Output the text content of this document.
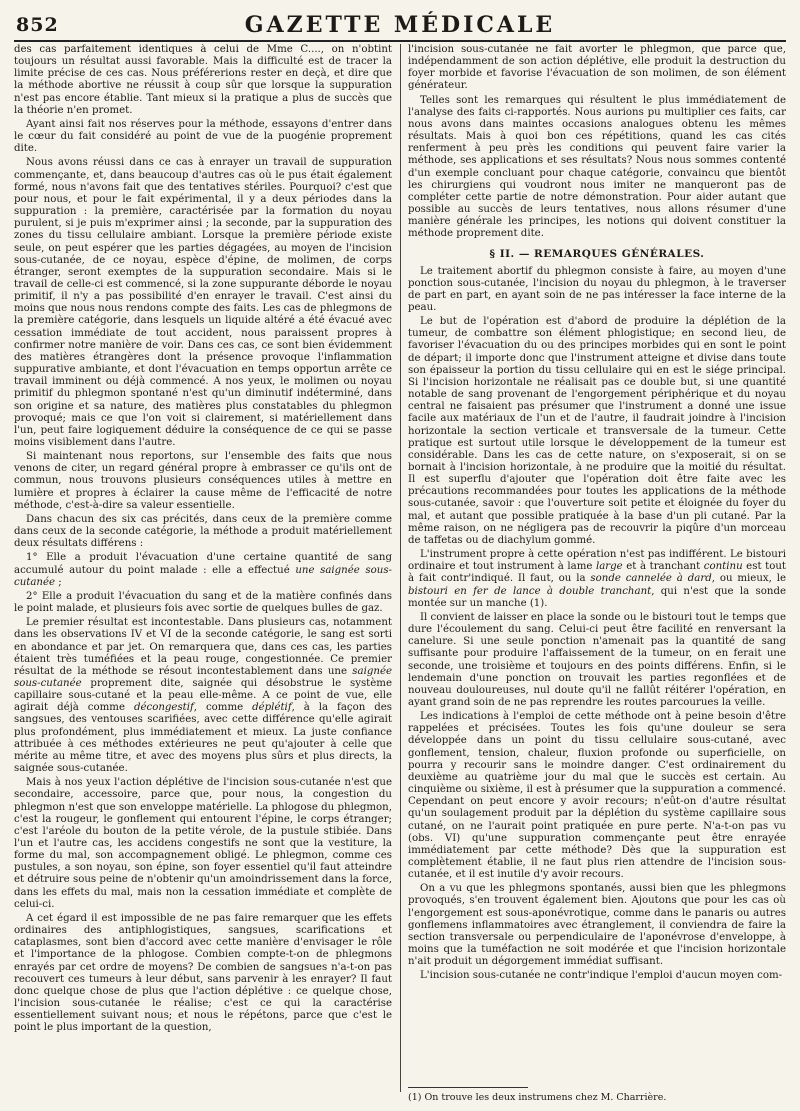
852	GAZETTE MÉDICALE

des cas parfaitement identiques à celui de Mme C...., on n'obtint toujours un résultat aussi favorable. Mais la difficulté est de tracer la limite précise de ces cas. Nous préférerions rester en deçà, et dire que la méthode abortive ne réussit à coup sûr que lorsque la suppuration n'est pas encore établie. Tant mieux si la pratique a plus de succès que la théorie n'en promet.

Ayant ainsi fait nos réserves pour la méthode, essayons d'entrer dans le cœur du fait considéré au point de vue de la puogénie proprement dite.

Nous avons réussi dans ce cas à enrayer un travail de suppuration commençante, et, dans beaucoup d'autres cas où le pus était également formé, nous n'avons fait que des tentatives stériles. Pourquoi? c'est que pour nous, et pour le fait expérimental, il y a deux périodes dans la suppuration : la première, caractérisée par la formation du noyau purulent, si je puis m'exprimer ainsi ; la seconde, par la suppuration des zones du tissu cellulaire ambiant. Lorsque la première période existe seule, on peut espérer que les parties dégagées, au moyen de l'incision sous-cutanée, de ce noyau, espèce d'épine, de molimen, de corps étranger, seront exemptes de la suppuration secondaire. Mais si le travail de celle-ci est commencé, si la zone suppurante déborde le noyau primitif, il n'y a pas possibilité d'en enrayer le travail. C'est ainsi du moins que nous nous rendons compte des faits. Les cas de phlegmons de la première catégorie, dans lesquels un liquide altéré a été évacué avec cessation immédiate de tout accident, nous paraissent propres à confirmer notre manière de voir. Dans ces cas, ce sont bien évidemment des matières étrangères dont la présence provoque l'inflammation suppurative ambiante, et dont l'évacuation en temps opportun arrête ce travail imminent ou déjà commencé. A nos yeux, le molimen ou noyau primitif du phlegmon spontané n'est qu'un diminutif indéterminé, dans son origine et sa nature, des matières plus constatables du phlegmon provoqué; mais ce que l'on voit si clairement, si matériellement dans l'un, peut faire logiquement déduire la conséquence de ce qui se passe moins visiblement dans l'autre.

Si maintenant nous reportons, sur l'ensemble des faits que nous venons de citer, un regard général propre à embrasser ce qu'ils ont de commun, nous trouvons plusieurs conséquences utiles à mettre en lumière et propres à éclairer la cause même de l'efficacité de notre méthode, c'est-à-dire sa valeur essentielle.

Dans chacun des six cas précités, dans ceux de la première comme dans ceux de la seconde catégorie, la méthode a produit matériellement deux résultats différens :

1° Elle a produit l'évacuation d'une certaine quantité de sang accumulé autour du point malade : elle a effectué une saignée sous-cutanée ;

2° Elle a produit l'évacuation du sang et de la matière confinés dans le point malade, et plusieurs fois avec sortie de quelques bulles de gaz.

Le premier résultat est incontestable. Dans plusieurs cas, notamment dans les observations IV et VI de la seconde catégorie, le sang est sorti en abondance et par jet. On remarquera que, dans ces cas, les parties étaient très tuméfiées et la peau rouge, congestionnée. Ce premier résultat de la méthode se résout incontestablement dans une saignée sous-cutanée proprement dite, saignée qui désobstrue le système capillaire sous-cutané et la peau elle-même. A ce point de vue, elle agirait déjà comme décongestif, comme déplétif, à la façon des sangsues, des ventouses scarifiées, avec cette différence qu'elle agirait plus profondément, plus immédiatement et mieux. La juste confiance attribuée à ces méthodes extérieures ne peut qu'ajouter à celle que mérite au même titre, et avec des moyens plus sûrs et plus directs, la saignée sous-cutanée.

Mais à nos yeux l'action déplétive de l'incision sous-cutanée n'est que secondaire, accessoire, parce que, pour nous, la congestion du phlegmon n'est que son enveloppe matérielle. La phlogose du phlegmon, c'est la rougeur, le gonflement qui entourent l'épine, le corps étranger; c'est l'aréole du bouton de la petite vérole, de la pustule stibiée. Dans l'un et l'autre cas, les accidens congestifs ne sont que la vestiture, la forme du mal, son accompagnement obligé. Le phlegmon, comme ces pustules, a son noyau, son épine, son foyer essentiel qu'il faut atteindre et détruire sous peine de n'obtenir qu'un amoindrissement dans la force, dans les effets du mal, mais non la cessation immédiate et complète de celui-ci.

A cet égard il est impossible de ne pas faire remarquer que les effets ordinaires des antiphlogistiques, sangsues, scarifications et cataplasmes, sont bien d'accord avec cette manière d'envisager le rôle et l'importance de la phlogose. Combien compte-t-on de phlegmons enrayés par cet ordre de moyens? De combien de sangsues n'a-t-on pas recouvert ces tumeurs à leur début, sans parvenir à les enrayer? Il faut donc quelque chose de plus que l'action déplétive : ce quelque chose, l'incision sous-cutanée le réalise; c'est ce qui la caractérise essentiellement suivant nous; et nous le répétons, parce que c'est le point le plus important de la question,

l'incision sous-cutanée ne fait avorter le phlegmon, que parce que, indépendamment de son action déplétive, elle produit la destruction du foyer morbide et favorise l'évacuation de son molimen, de son élément générateur.

Telles sont les remarques qui résultent le plus immédiatement de l'analyse des faits ci-rapportés. Nous aurions pu multiplier ces faits, car nous avons dans maintes occasions analogues obtenu les mêmes résultats. Mais à quoi bon ces répétitions, quand les cas cités renferment à peu près les conditions qui peuvent faire varier la méthode, ses applications et ses résultats? Nous nous sommes contenté d'un exemple concluant pour chaque catégorie, convaincu que bientôt les chirurgiens qui voudront nous imiter ne manqueront pas de compléter cette partie de notre démonstration. Pour aider autant que possible au succès de leurs tentatives, nous allons résumer d'une manière générale les principes, les notions qui doivent constituer la méthode proprement dite.

§ II. — REMARQUES GÉNÉRALES.

Le traitement abortif du phlegmon consiste à faire, au moyen d'une ponction sous-cutanée, l'incision du noyau du phlegmon, à le traverser de part en part, en ayant soin de ne pas intéresser la face interne de la peau.

Le but de l'opération est d'abord de produire la déplétion de la tumeur, de combattre son élément phlogistique; en second lieu, de favoriser l'évacuation du ou des principes morbides qui en sont le point de départ; il importe donc que l'instrument atteigne et divise dans toute son épaisseur la portion du tissu cellulaire qui en est le siége principal. Si l'incision horizontale ne réalisait pas ce double but, si une quantité notable de sang provenant de l'engorgement périphérique et du noyau central ne faisaient pas présumer que l'instrument a donné une issue facile aux matériaux de l'un et de l'autre, il faudrait joindre à l'incision horizontale la section verticale et transversale de la tumeur. Cette pratique est surtout utile lorsque le développement de la tumeur est considérable. Dans les cas de cette nature, on s'exposerait, si on se bornait à l'incision horizontale, à ne produire que la moitié du résultat. Il est superflu d'ajouter que l'opération doit être faite avec les précautions recommandées pour toutes les applications de la méthode sous-cutanée, savoir : que l'ouverture soit petite et éloignée du foyer du mal, et autant que possible pratiquée à la base d'un pli cutané. Par la même raison, on ne négligera pas de recouvrir la piqûre d'un morceau de taffetas ou de diachylum gommé.

L'instrument propre à cette opération n'est pas indifférent. Le bistouri ordinaire et tout instrument à lame large et à tranchant continu est tout à fait contr'indiqué. Il faut, ou la sonde cannelée à dard, ou mieux, le bistouri en fer de lance à double tranchant, qui n'est que la sonde montée sur un manche (1).

Il convient de laisser en place la sonde ou le bistouri tout le temps que dure l'écoulement du sang. Celui-ci peut être facilité en renversant la canelure. Si une seule ponction n'amenait pas la quantité de sang suffisante pour produire l'affaissement de la tumeur, on en ferait une seconde, une troisième et toujours en des points différens. Enfin, si le lendemain d'une ponction on trouvait les parties regonflées et de nouveau douloureuses, nul doute qu'il ne fallût réitérer l'opération, en ayant grand soin de ne pas reprendre les routes parcourues la veille.

Les indications à l'emploi de cette méthode ont à peine besoin d'être rappelées et précisées. Toutes les fois qu'une douleur se sera développée dans un point du tissu cellulaire sous-cutané, avec gonflement, tension, chaleur, fluxion profonde ou superficielle, on pourra y recourir sans le moindre danger. C'est ordinairement du deuxième au quatrième jour du mal que le succès est certain. Au cinquième ou sixième, il est à présumer que la suppuration a commencé. Cependant on peut encore y avoir recours; n'eût-on d'autre résultat qu'un soulagement produit par la déplétion du système capillaire sous cutané, on ne l'aurait point pratiquée en pure perte. N'a-t-on pas vu (obs. VI) qu'une suppuration commençante peut être enrayée immédiatement par cette méthode? Dès que la suppuration est complètement établie, il ne faut plus rien attendre de l'incision sous-cutanée, et il est inutile d'y avoir recours.

On a vu que les phlegmons spontanés, aussi bien que les phlegmons provoqués, s'en trouvent également bien. Ajoutons que pour les cas où l'engorgement est sous-aponévrotique, comme dans le panaris ou autres gonflemens inflammatoires avec étranglement, il conviendra de faire la section transversale ou perpendiculaire de l'aponévrose d'enveloppe, à moins que la tuméfaction ne soit modérée et que l'incision horizontale n'ait produit un dégorgement immédiat suffisant.

L'incision sous-cutanée ne contr'indique l'emploi d'aucun moyen com-

(1) On trouve les deux instrumens chez M. Charrière.
